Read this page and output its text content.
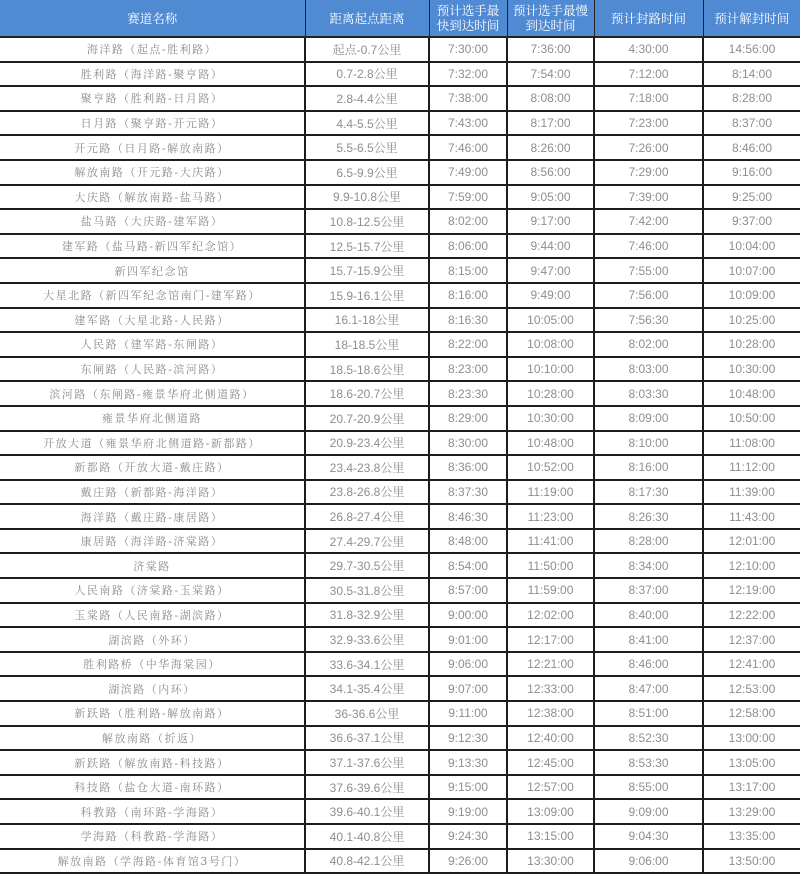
赛道名称	距离起点距离	预计选手最快到达时间	预计选手最慢到达时间	预计封路时间	预计解封时间
海洋路（起点-胜利路）	起点-0.7公里	7:30:00	7:36:00	4:30:00	14:56:00
胜利路（海洋路-聚亨路）	0.7-2.8公里	7:32:00	7:54:00	7:12:00	8:14:00
聚亨路（胜利路-日月路）	2.8-4.4公里	7:38:00	8:08:00	7:18:00	8:28:00
日月路（聚亨路-开元路）	4.4-5.5公里	7:43:00	8:17:00	7:23:00	8:37:00
开元路（日月路-解放南路）	5.5-6.5公里	7:46:00	8:26:00	7:26:00	8:46:00
解放南路（开元路-大庆路）	6.5-9.9公里	7:49:00	8:56:00	7:29:00	9:16:00
大庆路（解放南路-盐马路）	9.9-10.8公里	7:59:00	9:05:00	7:39:00	9:25:00
盐马路（大庆路-建军路）	10.8-12.5公里	8:02:00	9:17:00	7:42:00	9:37:00
建军路（盐马路-新四军纪念馆）	12.5-15.7公里	8:06:00	9:44:00	7:46:00	10:04:00
新四军纪念馆	15.7-15.9公里	8:15:00	9:47:00	7:55:00	10:07:00
大星北路（新四军纪念馆南门-建军路）	15.9-16.1公里	8:16:00	9:49:00	7:56:00	10:09:00
建军路（大星北路-人民路）	16.1-18公里	8:16:30	10:05:00	7:56:30	10:25:00
人民路（建军路-东闸路）	18-18.5公里	8:22:00	10:08:00	8:02:00	10:28:00
东闸路（人民路-滨河路）	18.5-18.6公里	8:23:00	10:10:00	8:03:00	10:30:00
滨河路（东闸路-雍景华府北侧道路）	18.6-20.7公里	8:23:30	10:28:00	8:03:30	10:48:00
雍景华府北侧道路	20.7-20.9公里	8:29:00	10:30:00	8:09:00	10:50:00
开放大道（雍景华府北侧道路-新都路）	20.9-23.4公里	8:30:00	10:48:00	8:10:00	11:08:00
新都路（开放大道-戴庄路）	23.4-23.8公里	8:36:00	10:52:00	8:16:00	11:12:00
戴庄路（新都路-海洋路）	23.8-26.8公里	8:37:30	11:19:00	8:17:30	11:39:00
海洋路（戴庄路-康居路）	26.8-27.4公里	8:46:30	11:23:00	8:26:30	11:43:00
康居路（海洋路-济棠路）	27.4-29.7公里	8:48:00	11:41:00	8:28:00	12:01:00
济棠路	29.7-30.5公里	8:54:00	11:50:00	8:34:00	12:10:00
人民南路（济棠路-玉棠路）	30.5-31.8公里	8:57:00	11:59:00	8:37:00	12:19:00
玉棠路（人民南路-湖滨路）	31.8-32.9公里	9:00:00	12:02:00	8:40:00	12:22:00
湖滨路（外环）	32.9-33.6公里	9:01:00	12:17:00	8:41:00	12:37:00
胜利路桥（中华海棠园）	33.6-34.1公里	9:06:00	12:21:00	8:46:00	12:41:00
湖滨路（内环）	34.1-35.4公里	9:07:00	12:33:00	8:47:00	12:53:00
新跃路（胜利路-解放南路）	36-36.6公里	9:11:00	12:38:00	8:51:00	12:58:00
解放南路（折返）	36.6-37.1公里	9:12:30	12:40:00	8:52:30	13:00:00
新跃路（解放南路-科技路）	37.1-37.6公里	9:13:30	12:45:00	8:53:30	13:05:00
科技路（盐仓大道-南环路）	37.6-39.6公里	9:15:00	12:57:00	8:55:00	13:17:00
科教路（南环路-学海路）	39.6-40.1公里	9:19:00	13:09:00	9:09:00	13:29:00
学海路（科教路-学海路）	40.1-40.8公里	9:24:30	13:15:00	9:04:30	13:35:00
解放南路（学海路-体育馆3号门）	40.8-42.1公里	9:26:00	13:30:00	9:06:00	13:50:00
